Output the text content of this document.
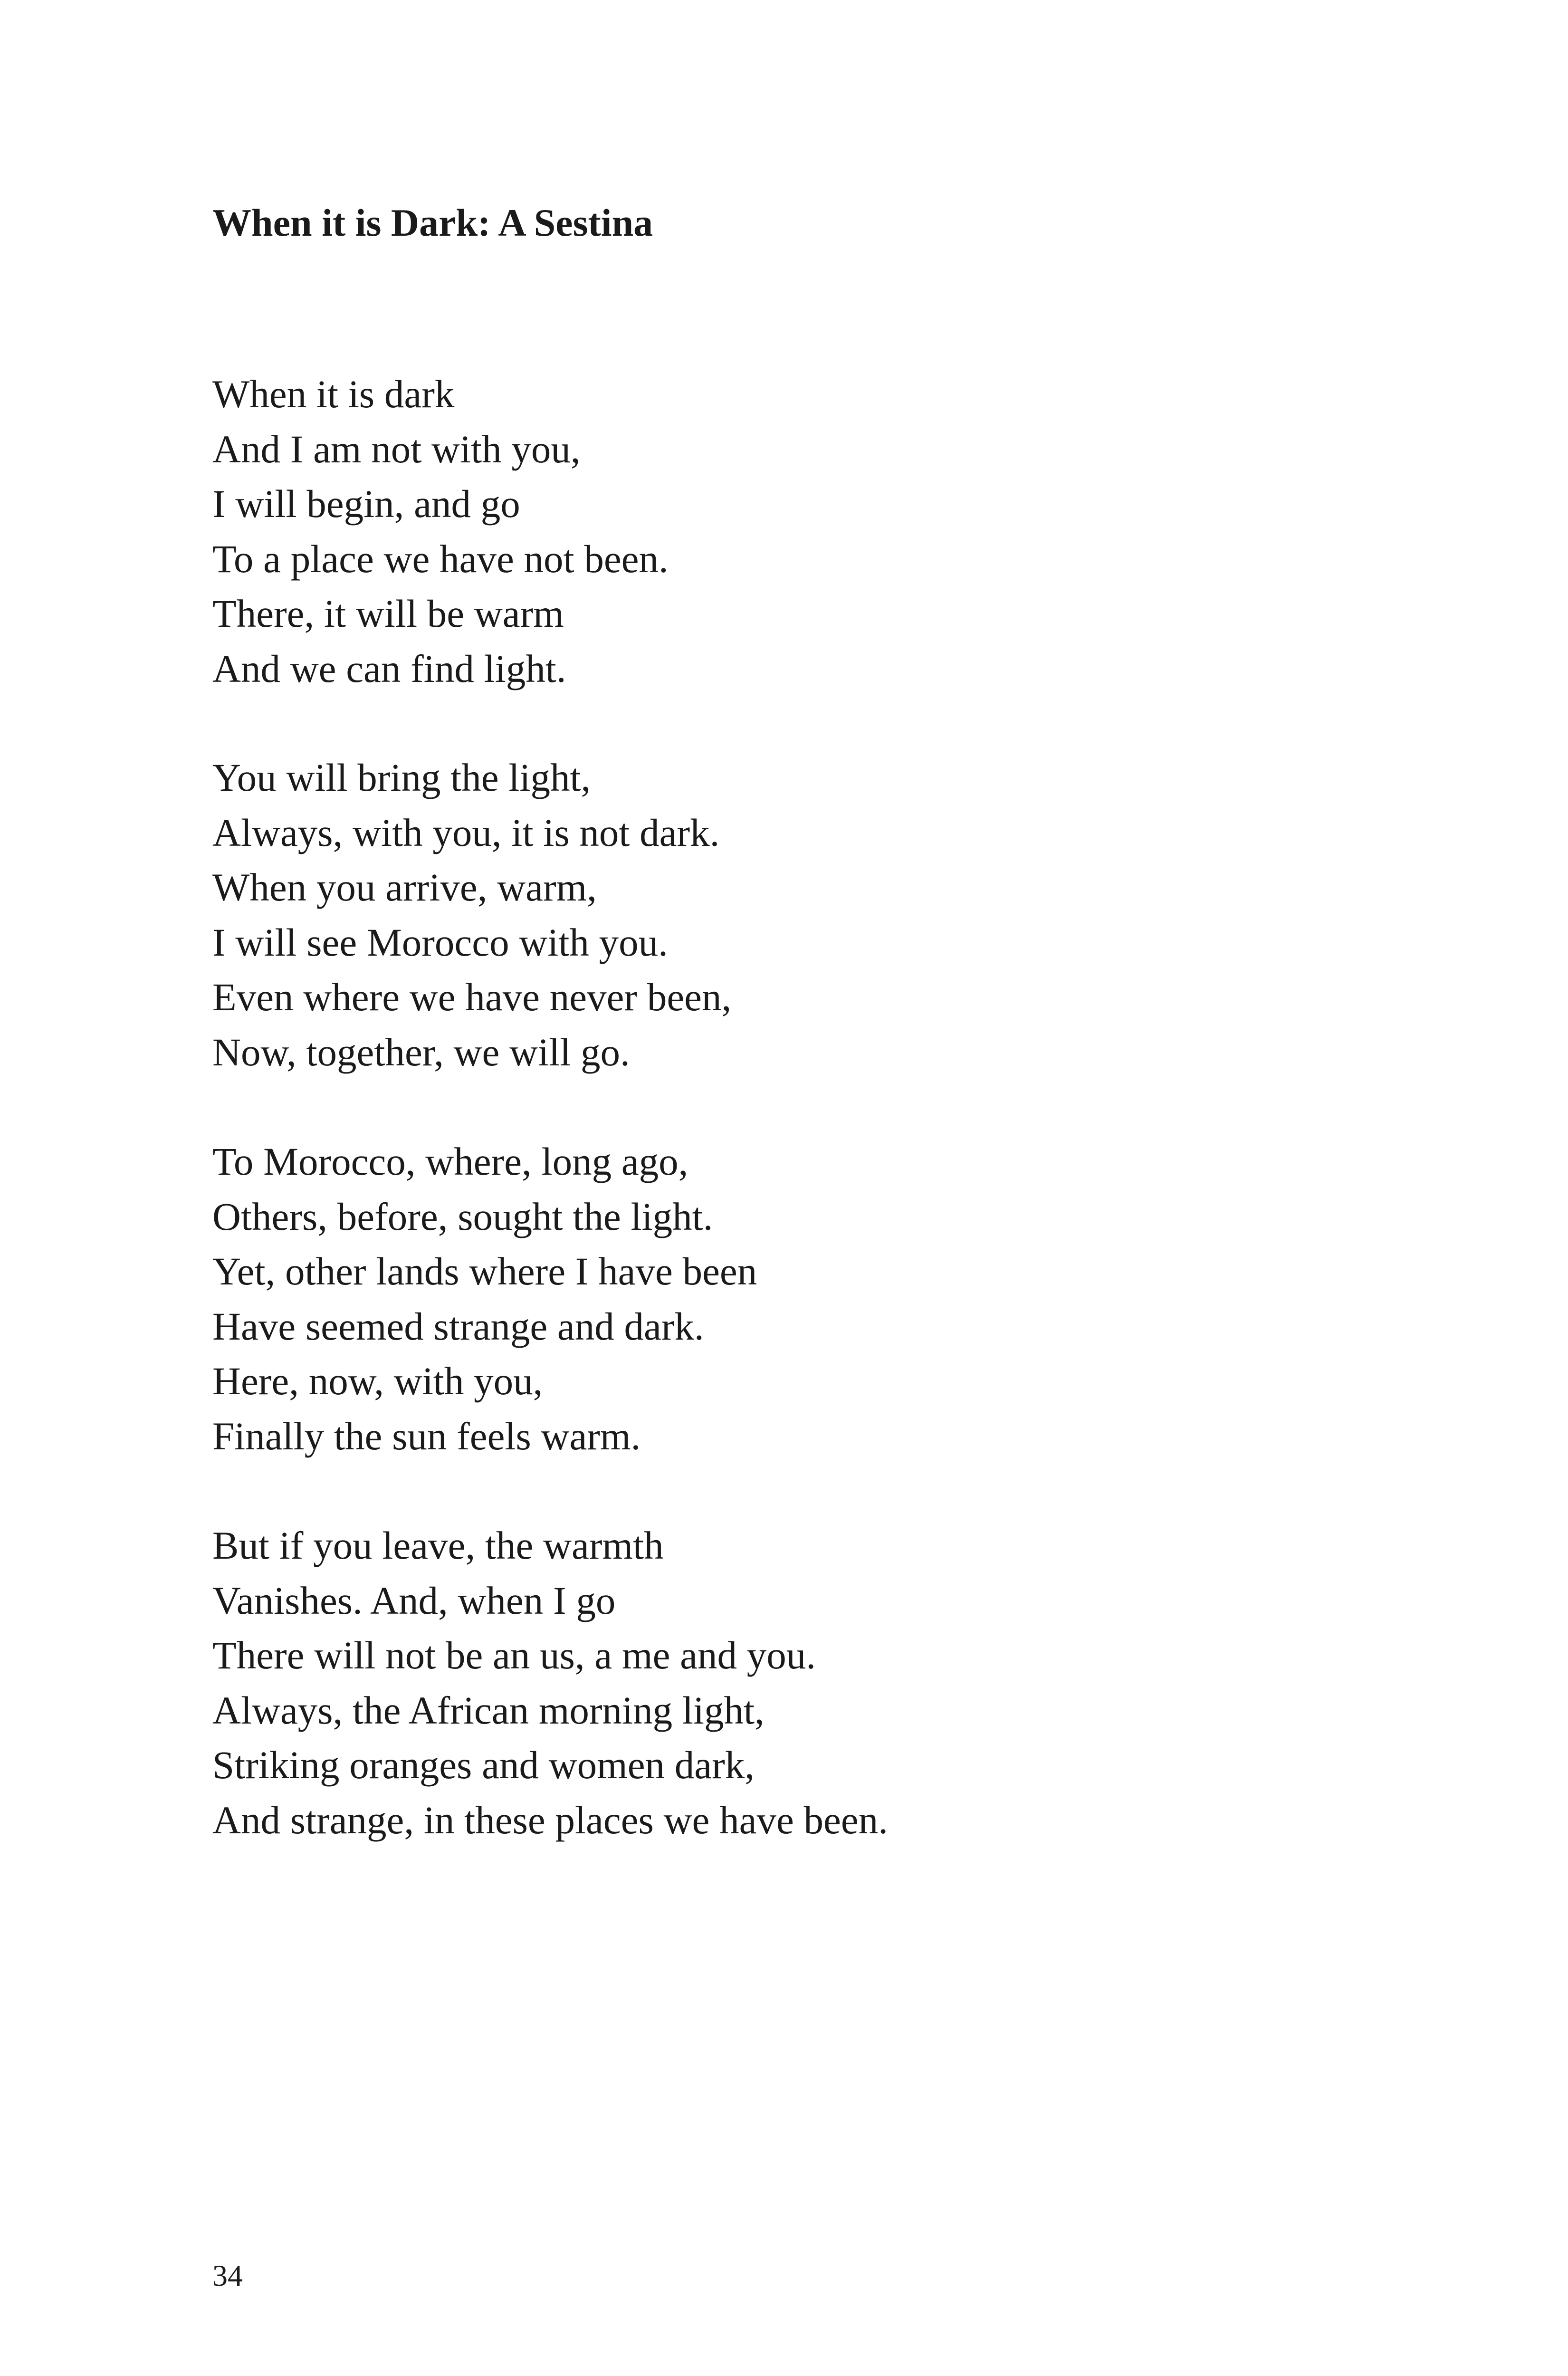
When it is Dark: A Sestina
When it is dark
And I am not with you,
I will begin, and go
To a place we have not been.
There, it will be warm
And we can find light.
You will bring the light,
Always, with you, it is not dark.
When you arrive, warm,
I will see Morocco with you.
Even where we have never been,
Now, together, we will go.
To Morocco, where, long ago,
Others, before, sought the light.
Yet, other lands where I have been
Have seemed strange and dark.
Here, now, with you,
Finally the sun feels warm.
But if you leave, the warmth
Vanishes. And, when I go
There will not be an us, a me and you.
Always, the African morning light,
Striking oranges and women dark,
And strange, in these places we have been.
34
